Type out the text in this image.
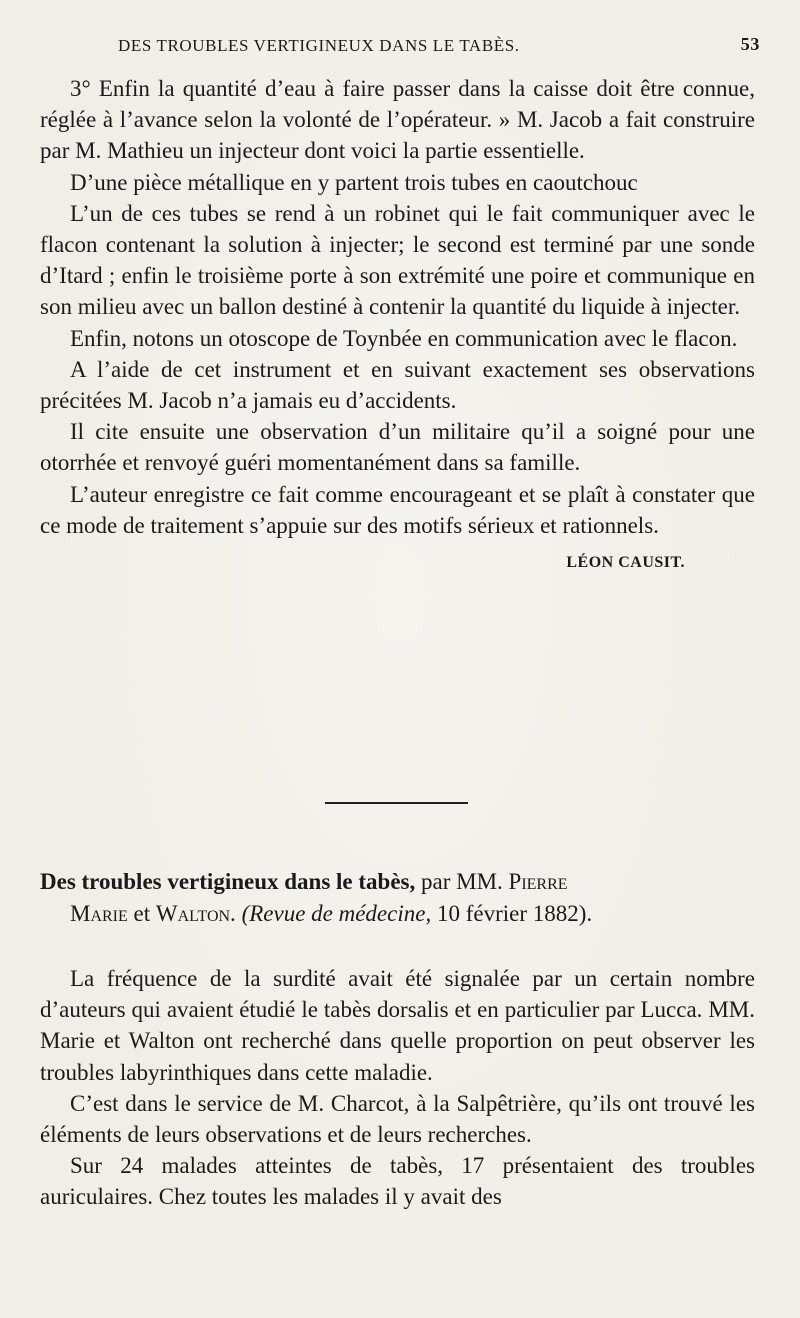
DES TROUBLES VERTIGINEUX DANS LE TABÈS.	53

3° Enfin la quantité d’eau à faire passer dans la caisse doit être connue, réglée à l’avance selon la volonté de l’opérateur. » M. Jacob a fait construire par M. Mathieu un injecteur dont voici la partie essentielle.

D’une pièce métallique en y partent trois tubes en caoutchouc

L’un de ces tubes se rend à un robinet qui le fait communiquer avec le flacon contenant la solution à injecter; le second est terminé par une sonde d’Itard ; enfin le troisième porte à son extrémité une poire et communique en son milieu avec un ballon destiné à contenir la quantité du liquide à injecter.

Enfin, notons un otoscope de Toynbée en communication avec le flacon.

A l’aide de cet instrument et en suivant exactement ses observations précitées M. Jacob n’a jamais eu d’accidents.

Il cite ensuite une observation d’un militaire qu’il a soigné pour une otorrhée et renvoyé guéri momentanément dans sa famille.

L’auteur enregistre ce fait comme encourageant et se plaît à constater que ce mode de traitement s’appuie sur des motifs sérieux et rationnels.

LÉON CAUSIT.
Des troubles vertigineux dans le tabès, par MM. Pierre
Marie et Walton. (Revue de médecine, 10 février 1882).

La fréquence de la surdité avait été signalée par un certain nombre d’auteurs qui avaient étudié le tabès dorsalis et en particulier par Lucca. MM. Marie et Walton ont recherché dans quelle proportion on peut observer les troubles labyrinthiques dans cette maladie.

C’est dans le service de M. Charcot, à la Salpêtrière, qu’ils ont trouvé les éléments de leurs observations et de leurs recherches.

Sur 24 malades atteintes de tabès, 17 présentaient des troubles auriculaires. Chez toutes les malades il y avait des
